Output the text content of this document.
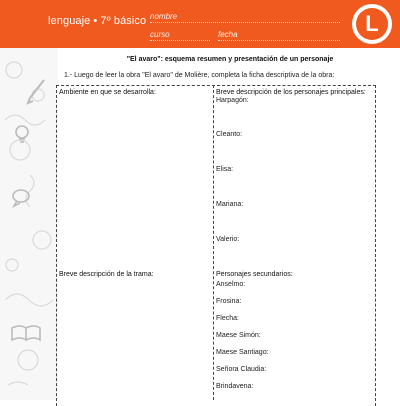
lenguaje • 7º básico nombre
curso	fecha	L
"El avaro": esquema resumen y presentación de un personaje
1.- Luego de leer la obra "El avaro" de Molière, completa la ficha descriptiva de la obra:
Ambiente en que se desarrolla:
Breve descripción de la trama:
Breve descripción de los personajes principales:
Harpagón:
Cleanto:
Elisa:
Mariana:
Valerio:
Personajes secundarios:
Anselmo:
Frosina:
Flecha:
Maese Simón:
Maese Santiago:
Señora Claudia:
Brindavena:
